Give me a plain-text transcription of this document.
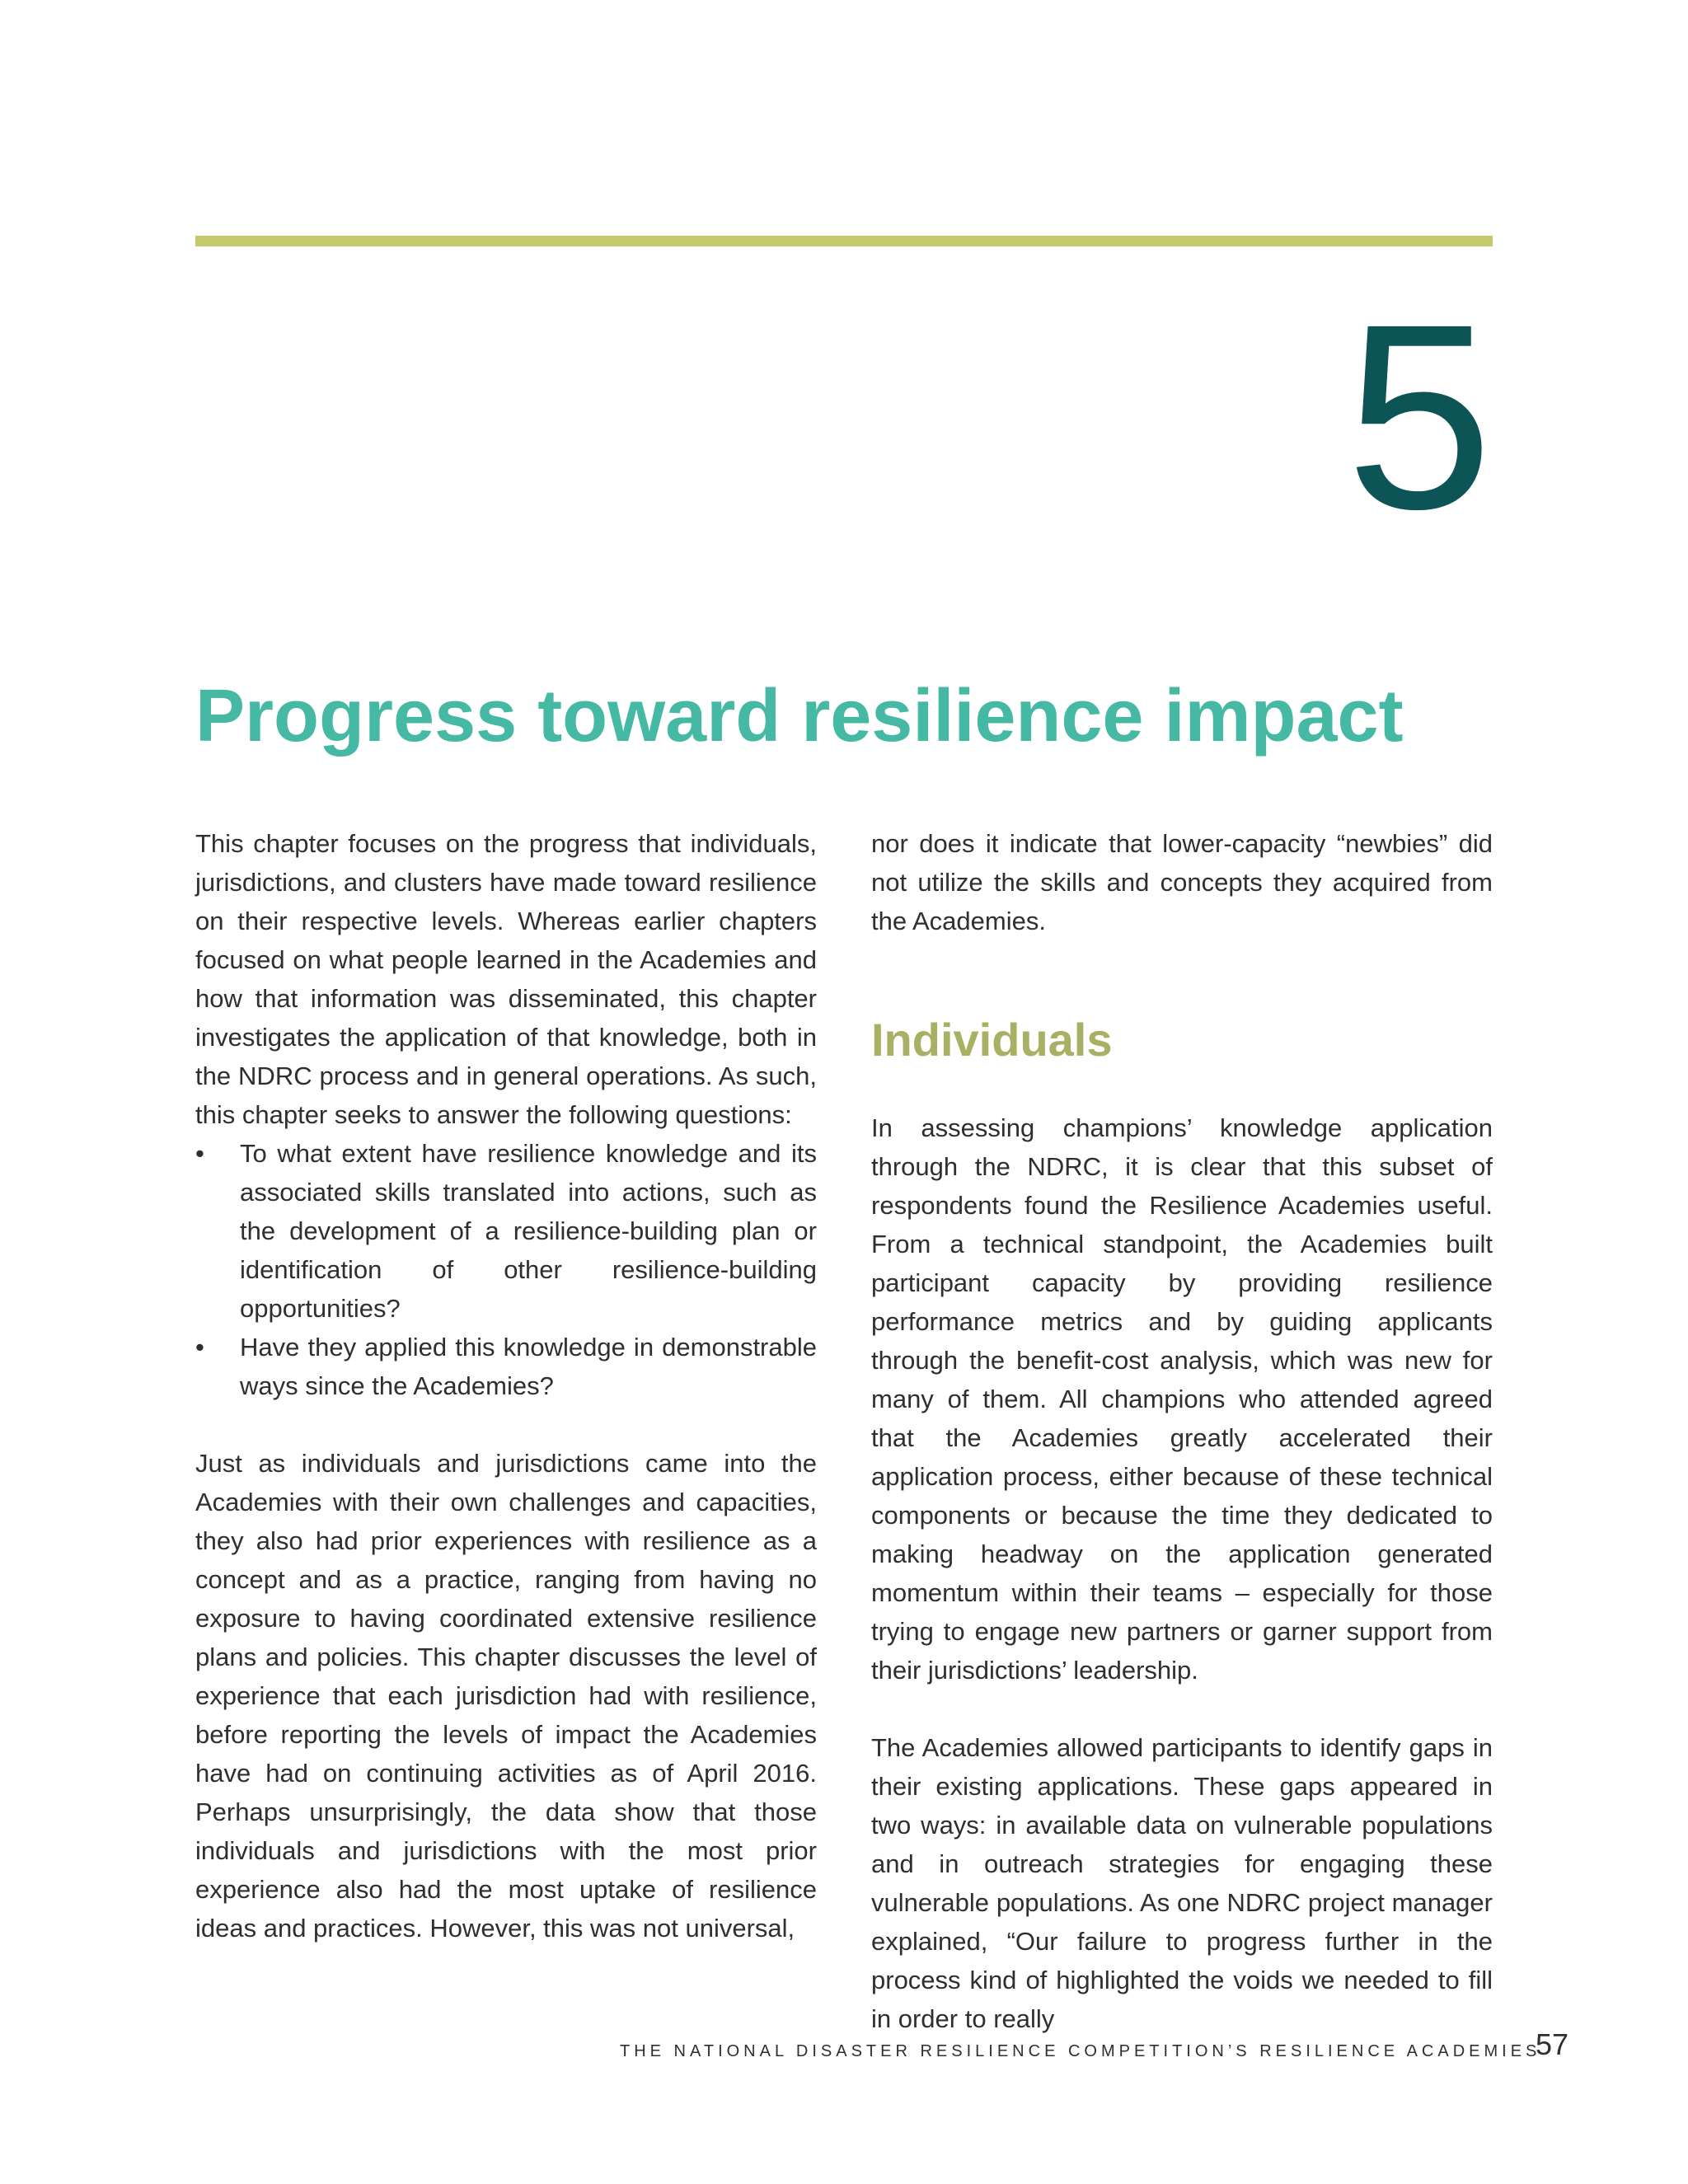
5
Progress toward resilience impact

This chapter focuses on the progress that individuals, jurisdictions, and clusters have made toward resilience on their respective levels. Whereas earlier chapters focused on what people learned in the Academies and how that information was disseminated, this chapter investigates the application of that knowledge, both in the NDRC process and in general operations. As such, this chapter seeks to answer the following questions:

• To what extent have resilience knowledge and its associated skills translated into actions, such as the development of a resilience-building plan or identification of other resilience-building opportunities?
• Have they applied this knowledge in demonstrable ways since the Academies?

Just as individuals and jurisdictions came into the Academies with their own challenges and capacities, they also had prior experiences with resilience as a concept and as a practice, ranging from having no exposure to having coordinated extensive resilience plans and policies. This chapter discusses the level of experience that each jurisdiction had with resilience, before reporting the levels of impact the Academies have had on continuing activities as of April 2016. Perhaps unsurprisingly, the data show that those individuals and jurisdictions with the most prior experience also had the most uptake of resilience ideas and practices. However, this was not universal,

nor does it indicate that lower-capacity “newbies” did not utilize the skills and concepts they acquired from the Academies.

Individuals

In assessing champions’ knowledge application through the NDRC, it is clear that this subset of respondents found the Resilience Academies useful. From a technical standpoint, the Academies built participant capacity by providing resilience performance metrics and by guiding applicants through the benefit-cost analysis, which was new for many of them. All champions who attended agreed that the Academies greatly accelerated their application process, either because of these technical components or because the time they dedicated to making headway on the application generated momentum within their teams – especially for those trying to engage new partners or garner support from their jurisdictions’ leadership.

The Academies allowed participants to identify gaps in their existing applications. These gaps appeared in two ways: in available data on vulnerable populations and in outreach strategies for engaging these vulnerable populations. As one NDRC project manager explained, “Our failure to progress further in the process kind of highlighted the voids we needed to fill in order to really

THE NATIONAL DISASTER RESILIENCE COMPETITION’S RESILIENCE ACADEMIES
57
